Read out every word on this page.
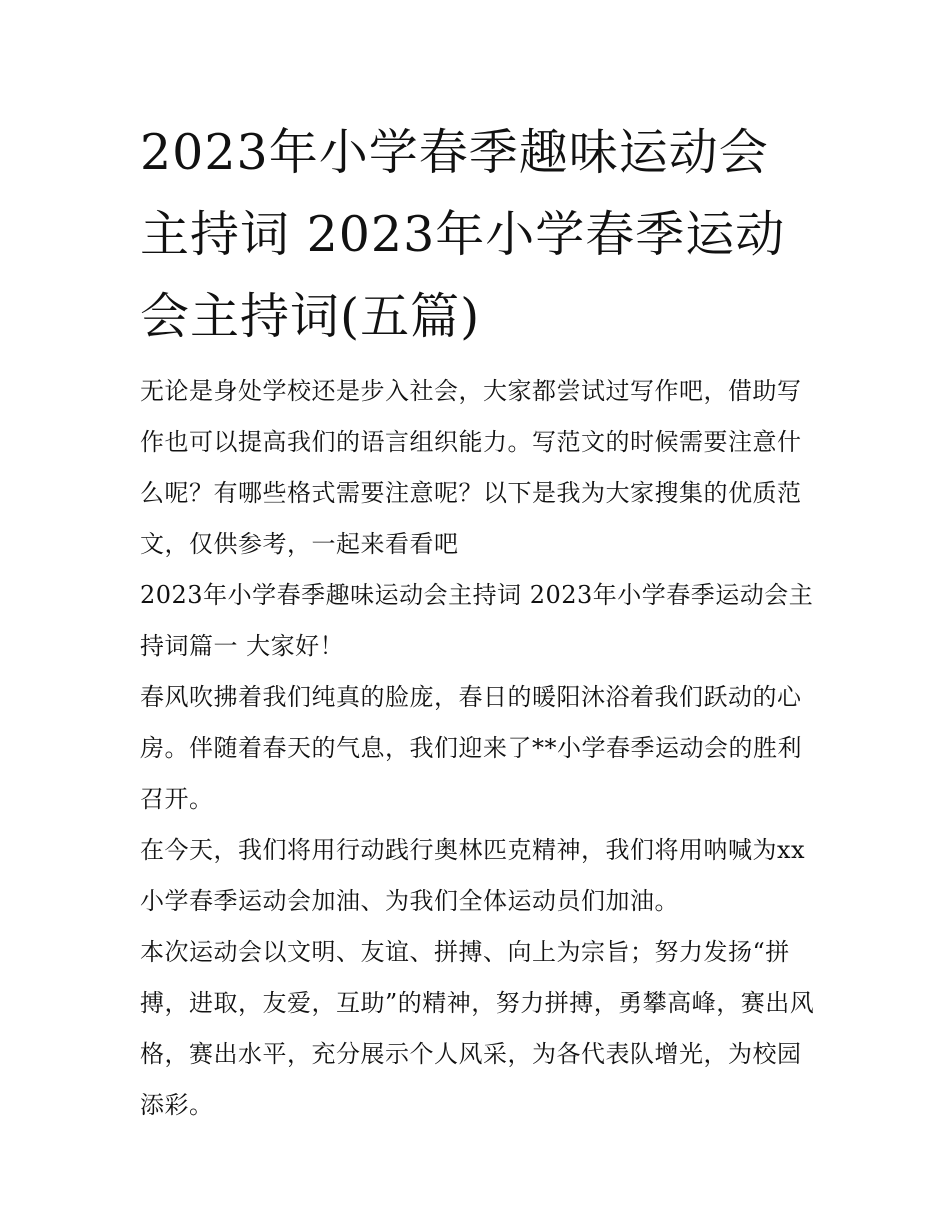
2023年小学春季趣味运动会主持词 2023年小学春季运动会主持词(五篇)

无论是身处学校还是步入社会，大家都尝试过写作吧，借助写作也可以提高我们的语言组织能力。写范文的时候需要注意什么呢？有哪些格式需要注意呢？以下是我为大家搜集的优质范文，仅供参考，一起来看看吧

2023年小学春季趣味运动会主持词 2023年小学春季运动会主持词篇一 大家好！

春风吹拂着我们纯真的脸庞，春日的暖阳沐浴着我们跃动的心房。伴随着春天的气息，我们迎来了**小学春季运动会的胜利召开。

在今天，我们将用行动践行奥林匹克精神，我们将用呐喊为xx小学春季运动会加油、为我们全体运动员们加油。

本次运动会以文明、友谊、拼搏、向上为宗旨；努力发扬“拼搏，进取，友爱，互助”的精神，努力拼搏，勇攀高峰，赛出风格，赛出水平，充分展示个人风采，为各代表队增光，为校园添彩。
